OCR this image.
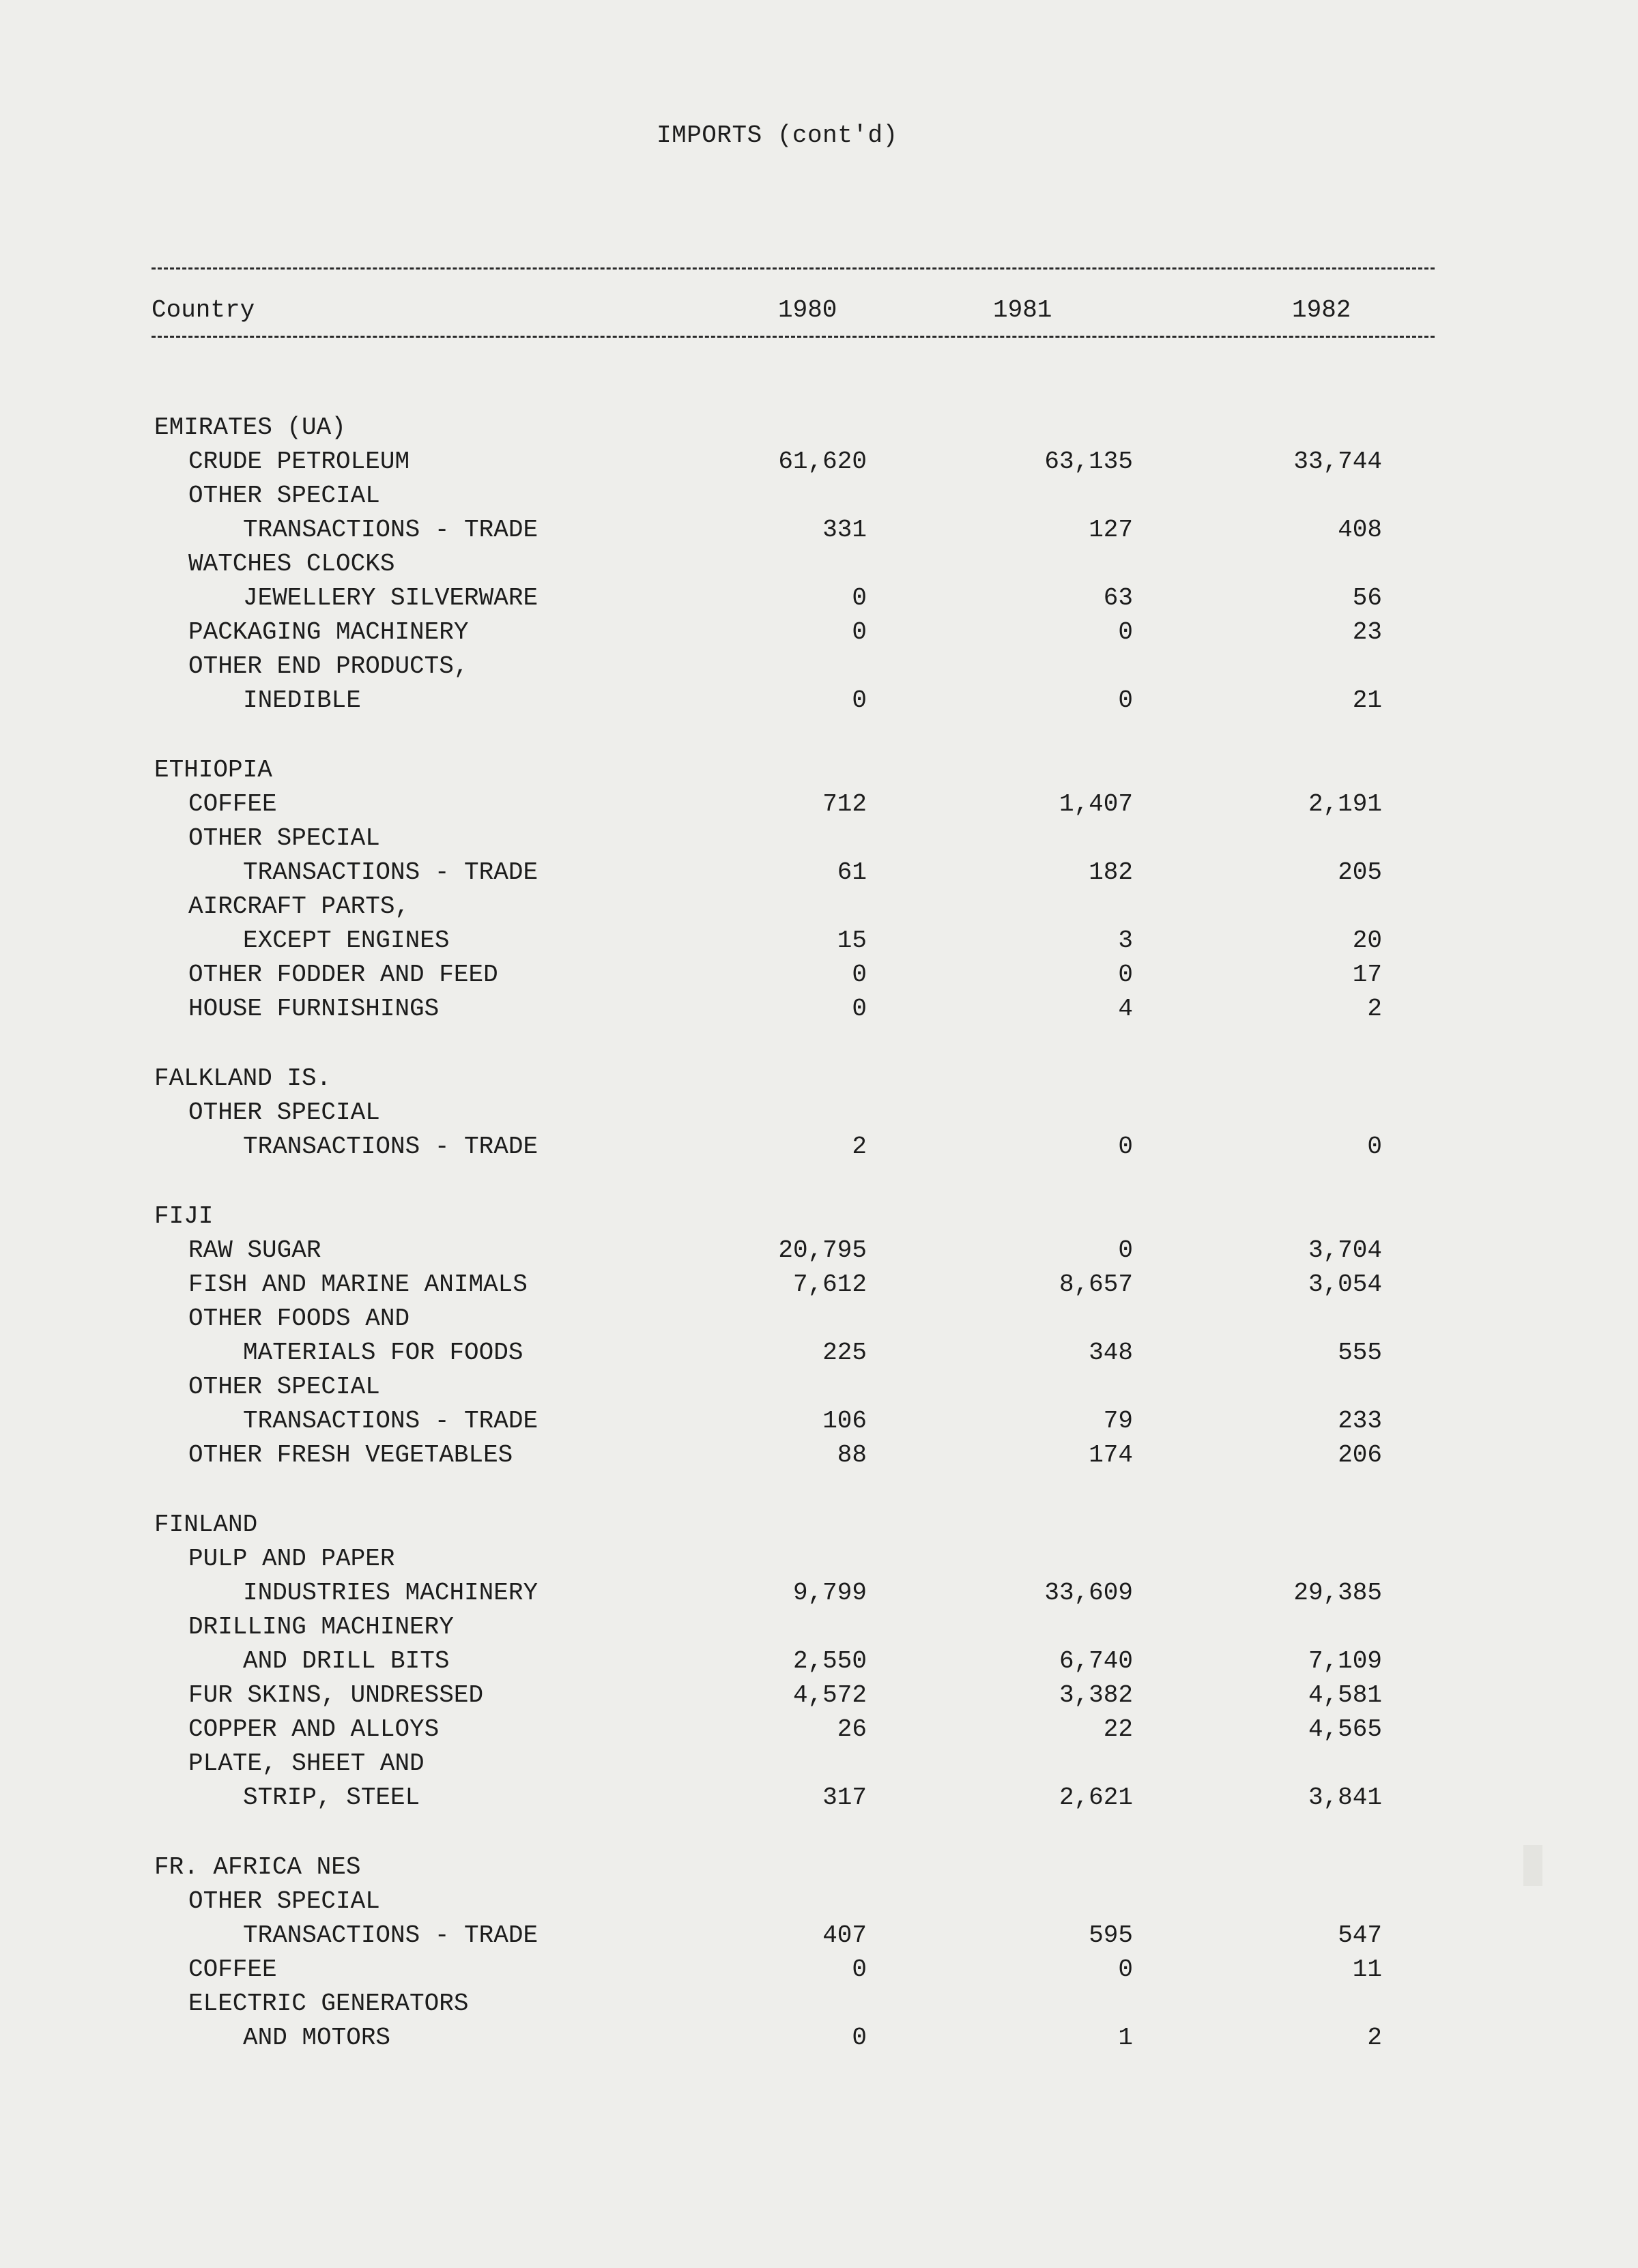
IMPORTS (cont'd)
Country	1980	1981	1982
EMIRATES (UA)
CRUDE PETROLEUM	61,620	63,135	33,744
OTHER SPECIAL
TRANSACTIONS - TRADE	331	127	408
WATCHES CLOCKS
JEWELLERY SILVERWARE	0	63	56
PACKAGING MACHINERY	0	0	23
OTHER END PRODUCTS,
INEDIBLE	0	0	21
ETHIOPIA
COFFEE	712	1,407	2,191
OTHER SPECIAL
TRANSACTIONS - TRADE	61	182	205
AIRCRAFT PARTS,
EXCEPT ENGINES	15	3	20
OTHER FODDER AND FEED	0	0	17
HOUSE FURNISHINGS	0	4	2
FALKLAND IS.
OTHER SPECIAL
TRANSACTIONS - TRADE	2	0	0
FIJI
RAW SUGAR	20,795	0	3,704
FISH AND MARINE ANIMALS	7,612	8,657	3,054
OTHER FOODS AND
MATERIALS FOR FOODS	225	348	555
OTHER SPECIAL
TRANSACTIONS - TRADE	106	79	233
OTHER FRESH VEGETABLES	88	174	206
FINLAND
PULP AND PAPER
INDUSTRIES MACHINERY	9,799	33,609	29,385
DRILLING MACHINERY
AND DRILL BITS	2,550	6,740	7,109
FUR SKINS, UNDRESSED	4,572	3,382	4,581
COPPER AND ALLOYS	26	22	4,565
PLATE, SHEET AND
STRIP, STEEL	317	2,621	3,841
FR. AFRICA NES
OTHER SPECIAL
TRANSACTIONS - TRADE	407	595	547
COFFEE	0	0	11
ELECTRIC GENERATORS
AND MOTORS	0	1	2
